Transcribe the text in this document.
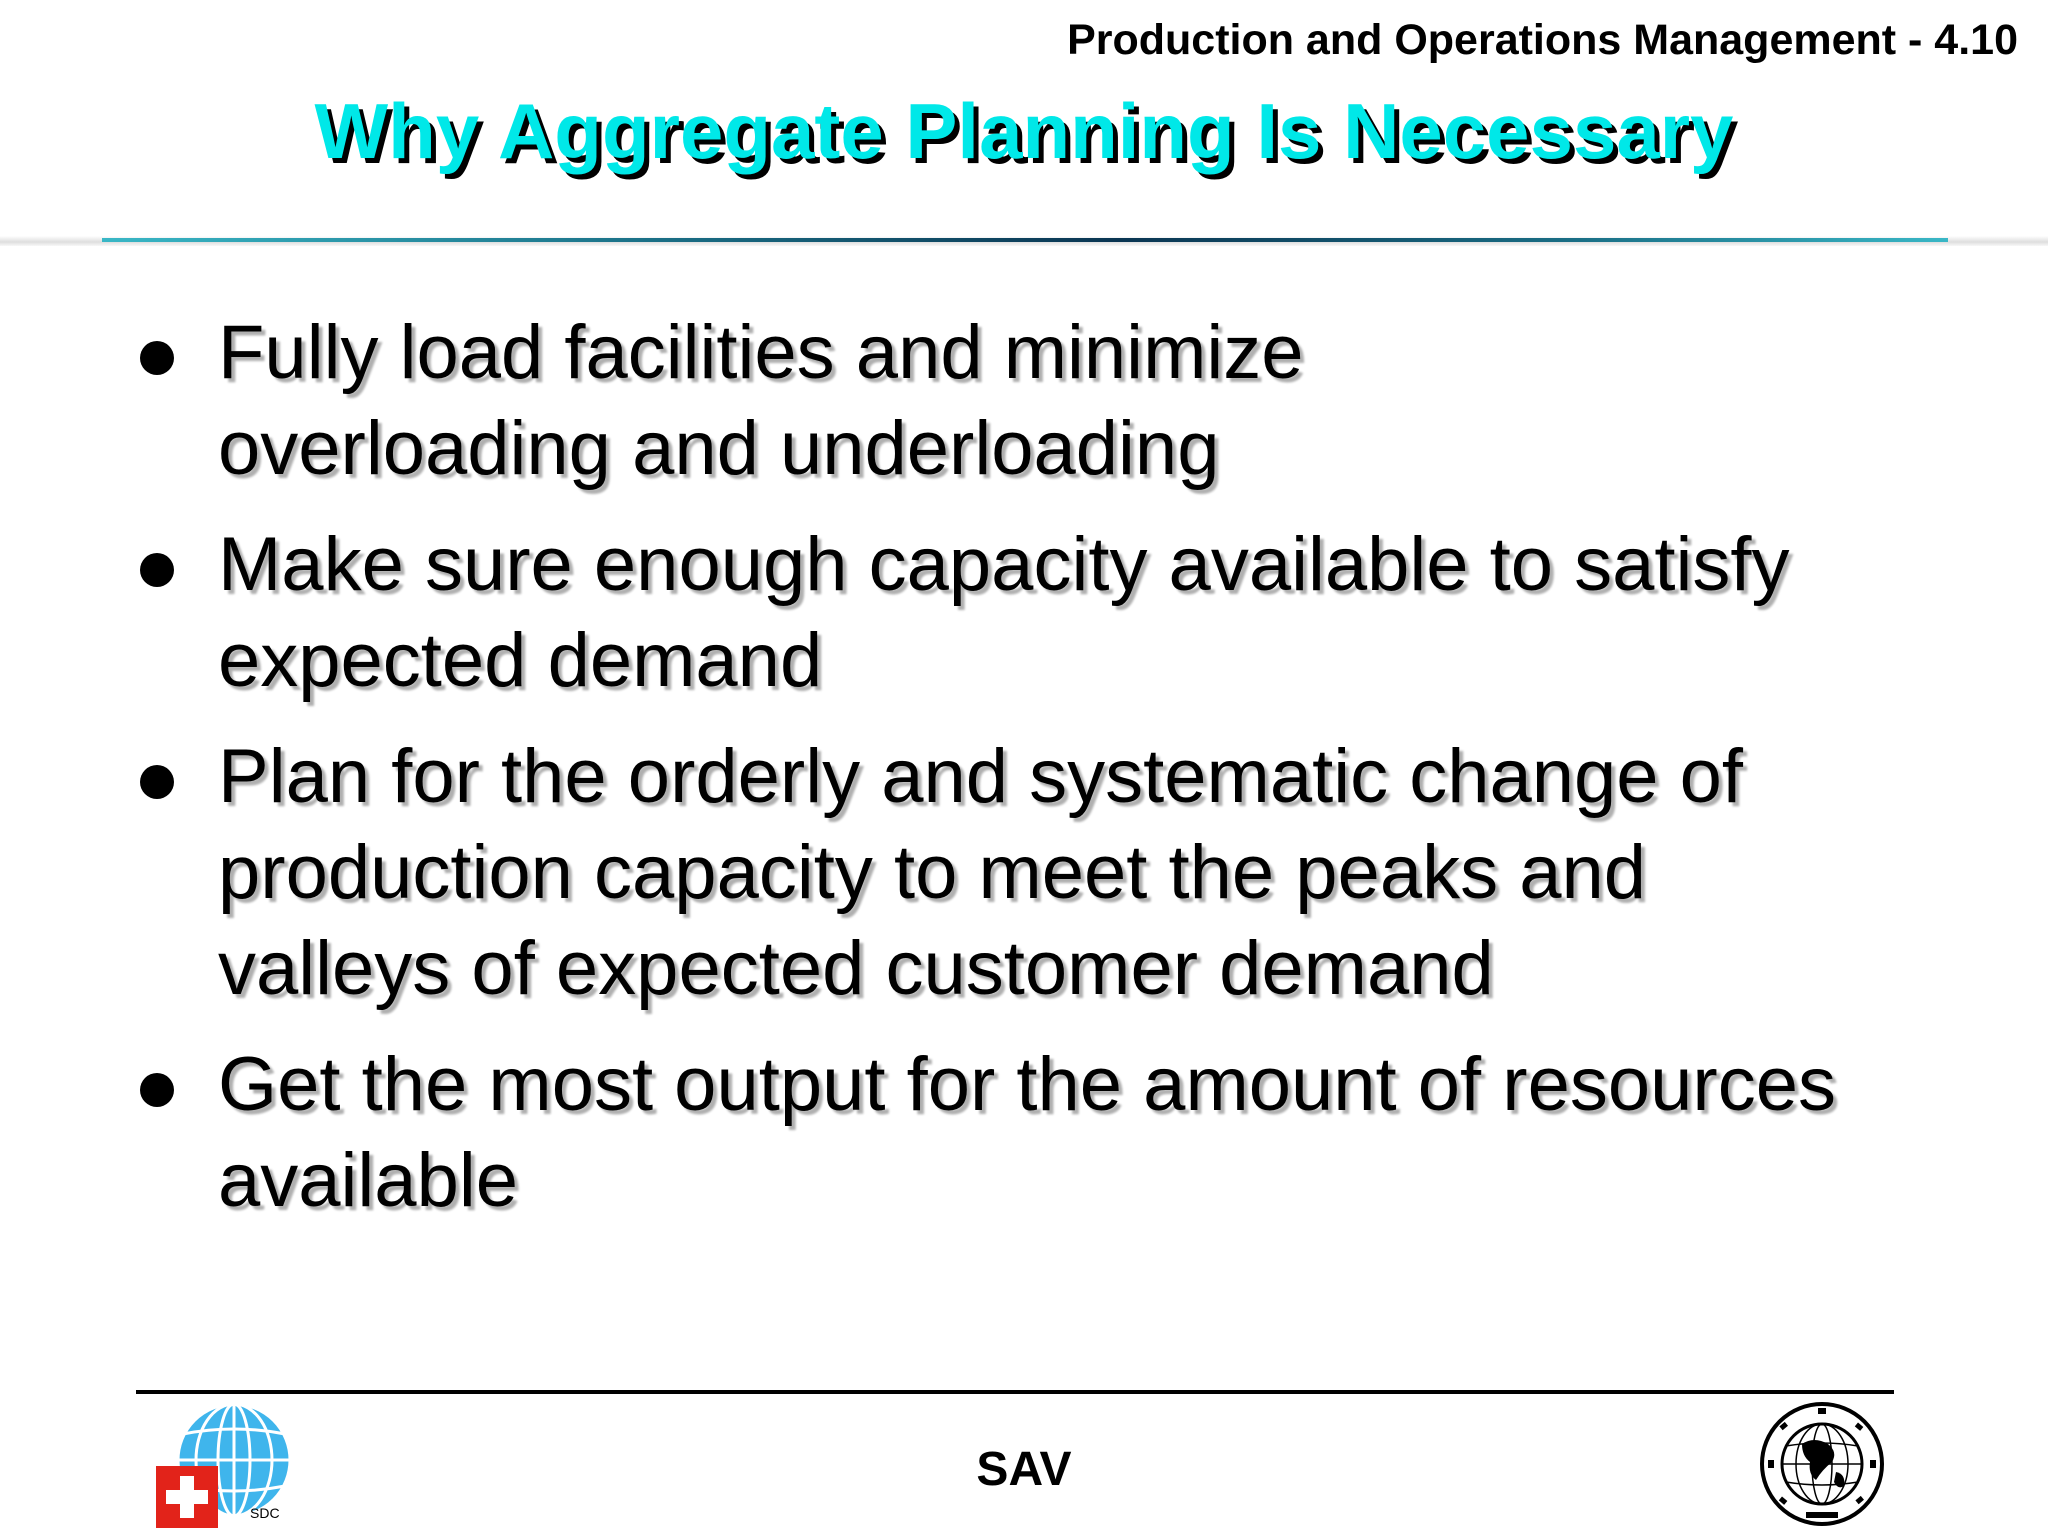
Production and Operations Management - 4.10
Why Aggregate Planning Is Necessary
Fully load facilities and minimize overloading and underloading
Make sure enough capacity available to satisfy expected demand
Plan for the orderly and systematic change of production capacity to meet the peaks and valleys of expected customer demand
Get the most output for the amount of resources available
SAV
SDC
